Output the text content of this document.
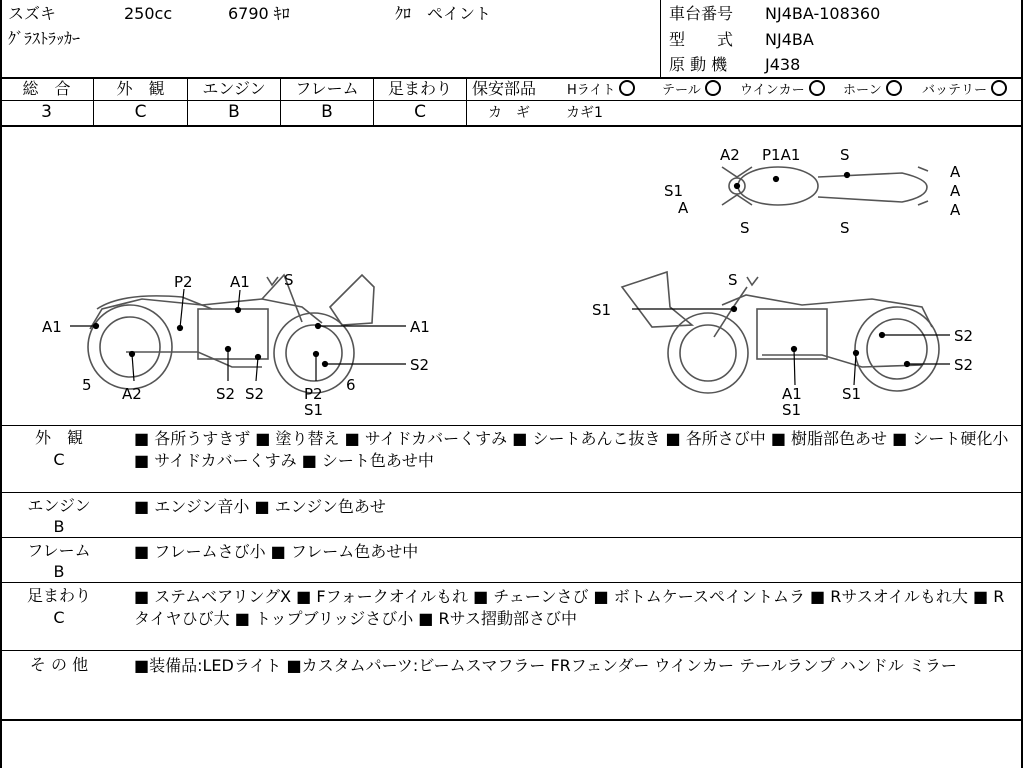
スズキ	250cc	6790 ｷﾛ	ｸﾛ　ペイント
ｸﾞﾗｽﾄﾗｯｶｰ
車台番号 NJ4BA-108360
型　　式 NJ4BA
原 動 機 J438
総　合	外　観	エンジン	フレーム	足まわり
3	C	B	B	C
保安部品 Hライト	テール	ウインカー	ホーン	バッテリー
カ　ギ	カギ1
P2 A1 S
A1	A1
5 A2	S2 S2	P2
S1
6
S2
S
S1
S2
S2
A1
S1
S1
A2 P1A1	S
S1
A
S	S
A
A
A
外　観
C
■ 各所うすきず ■ 塗り替え ■ サイドカバーくすみ ■ シートあんこ抜き ■ 各所さび中 ■ 樹脂部色あせ ■ シート硬化小 ■ サイドカバーくすみ ■ シート色あせ中
エンジン
B
■ エンジン音小 ■ エンジン色あせ
フレーム
B
■ フレームさび小 ■ フレーム色あせ中
足まわり
C
■ ステムベアリングX ■ Fフォークオイルもれ ■ チェーンさび ■ ボトムケースペイントムラ ■ Rサスオイルもれ大 ■ Rタイヤひび大 ■ トップブリッジさび小 ■ Rサス摺動部さび中
そ の 他	■装備品:LEDライト ■カスタムパーツ:ビームスマフラー FRフェンダー ウインカー テールランプ ハンドル ミラー
